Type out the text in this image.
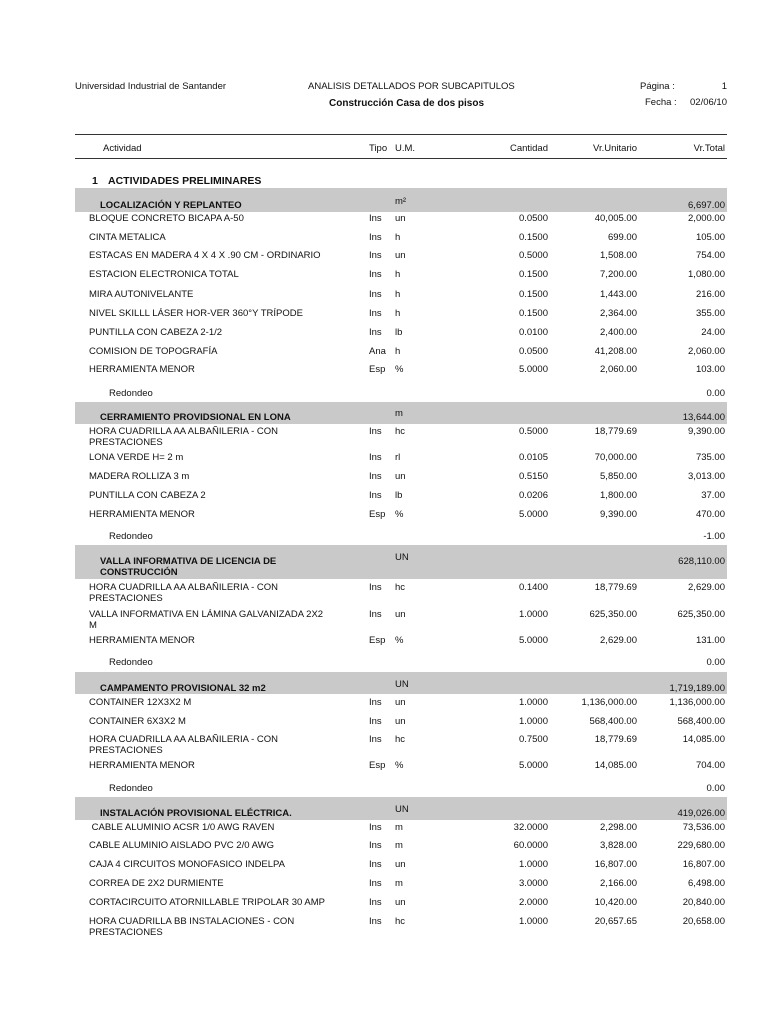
Universidad Industrial de Santander	ANALISIS DETALLADOS POR SUBCAPITULOS
Construcción Casa de dos pisos
Página :	1
Fecha : 02/06/10
Actividad	Tipo U.M.	Cantidad	Vr.Unitario	Vr.Total
1 ACTIVIDADES PRELIMINARES
LOCALIZACIÓN Y REPLANTEO	m²	6,697.00
BLOQUE CONCRETO BICAPA A-50	Ins un	0.0500	40,005.00	2,000.00
CINTA METALICA	Ins h	0.1500	699.00	105.00
ESTACAS EN MADERA 4 X 4 X .90 CM - ORDINARIO	Ins un	0.5000	1,508.00	754.00
ESTACION ELECTRONICA TOTAL	Ins h	0.1500	7,200.00	1,080.00
MIRA AUTONIVELANTE	Ins h	0.1500	1,443.00	216.00
NIVEL SKILLL LÁSER HOR-VER 360°Y TRÍPODE	Ins h	0.1500	2,364.00	355.00
PUNTILLA CON CABEZA 2-1/2	Ins lb	0.0100	2,400.00	24.00
COMISION DE TOPOGRAFÍA	Ana h	0.0500	41,208.00	2,060.00
HERRAMIENTA MENOR	Esp %	5.0000	2,060.00	103.00
Redondeo	0.00
CERRAMIENTO PROVIDSIONAL EN LONA	m	13,644.00
HORA CUADRILLA AA ALBAÑILERIA - CON PRESTACIONES
Ins hc	0.5000	18,779.69	9,390.00
LONA VERDE H= 2 m	Ins rl	0.0105	70,000.00	735.00
MADERA ROLLIZA 3 m	Ins un	0.5150	5,850.00	3,013.00
PUNTILLA CON CABEZA 2	Ins lb	0.0206	1,800.00	37.00
HERRAMIENTA MENOR	Esp %	5.0000	9,390.00	470.00
Redondeo	-1.00
VALLA INFORMATIVA DE LICENCIA DE CONSTRUCCIÓN
UN	628,110.00
HORA CUADRILLA AA ALBAÑILERIA - CON PRESTACIONES
Ins hc	0.1400	18,779.69	2,629.00
VALLA INFORMATIVA EN LÁMINA GALVANIZADA 2X2 M
Ins un	1.0000	625,350.00	625,350.00
HERRAMIENTA MENOR	Esp %	5.0000	2,629.00	131.00
Redondeo	0.00
CAMPAMENTO PROVISIONAL 32 m2	UN	1,719,189.00
CONTAINER 12X3X2 M	Ins un	1.0000	1,136,000.00	1,136,000.00
CONTAINER 6X3X2 M	Ins un	1.0000	568,400.00	568,400.00
HORA CUADRILLA AA ALBAÑILERIA - CON PRESTACIONES
Ins hc	0.7500	18,779.69	14,085.00
HERRAMIENTA MENOR	Esp %	5.0000	14,085.00	704.00
Redondeo	0.00
INSTALACIÓN PROVISIONAL ELÉCTRICA.	UN	419,026.00
CABLE ALUMINIO ACSR 1/0 AWG RAVEN	Ins m	32.0000	2,298.00	73,536.00
CABLE ALUMINIO AISLADO PVC 2/0 AWG	Ins m	60.0000	3,828.00	229,680.00
CAJA 4 CIRCUITOS MONOFASICO INDELPA	Ins un	1.0000	16,807.00	16,807.00
CORREA DE 2X2 DURMIENTE	Ins m	3.0000	2,166.00	6,498.00
CORTACIRCUITO ATORNILLABLE TRIPOLAR 30 AMP	Ins un	2.0000	10,420.00	20,840.00
HORA CUADRILLA BB INSTALACIONES - CON PRESTACIONES
Ins hc	1.0000	20,657.65	20,658.00
